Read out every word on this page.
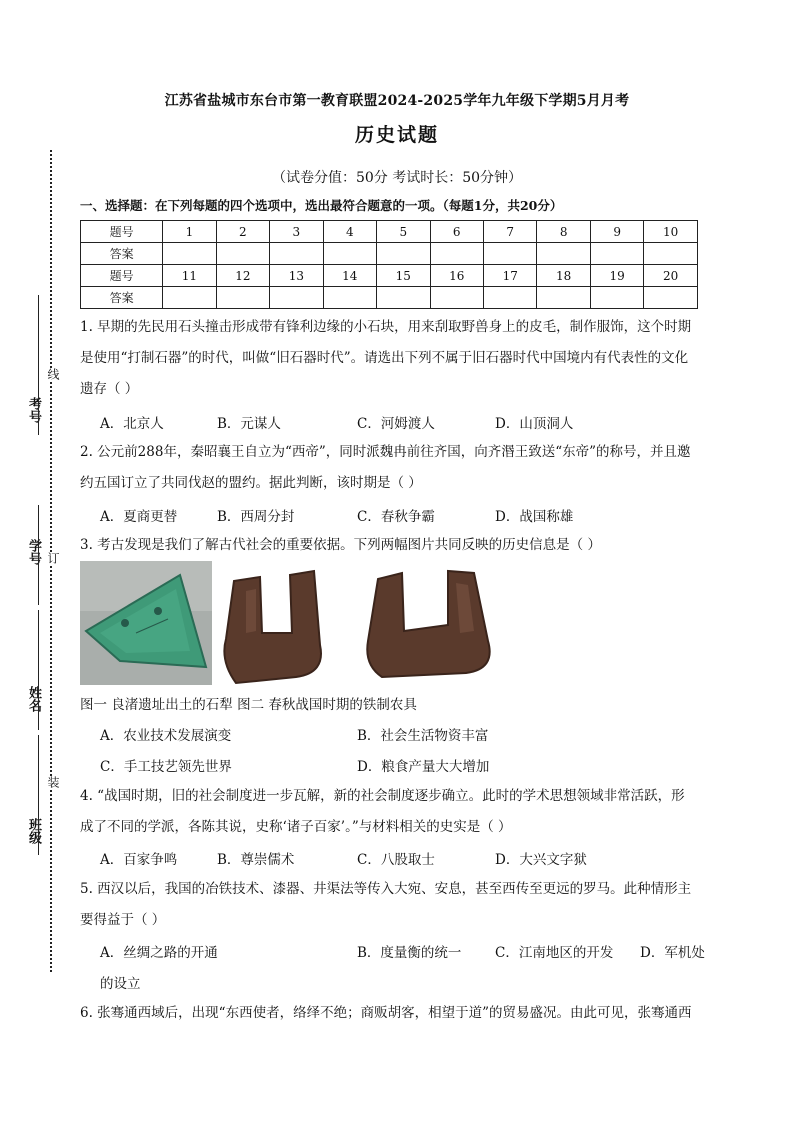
江苏省盐城市东台市第一教育联盟2024-2025学年九年级下学期5月月考
历史试题
（试卷分值：50分 考试时长：50分钟）
一、选择题：在下列每题的四个选项中，选出最符合题意的一项。（每题1分，共20分）
题号	1	2	3	4	5	6	7	8	9	10
答案										
题号	11	12	13	14	15	16	17	18	19	20
答案										
线
订
装
考号
学号
姓名
班级
1. 早期的先民用石头撞击形成带有锋利边缘的小石块，用来刮取野兽身上的皮毛，制作服饰，这个时期
是使用“打制石器”的时代，叫做“旧石器时代”。请选出下列不属于旧石器时代中国境内有代表性的文化
遗存（ ）
A．北京人	B．元谋人	C．河姆渡人	D．山顶洞人
2. 公元前288年，秦昭襄王自立为“西帝”，同时派魏冉前往齐国，向齐湣王致送“东帝”的称号，并且邀
约五国订立了共同伐赵的盟约。据此判断，该时期是（ ）
A．夏商更替	B．西周分封	C．春秋争霸	D．战国称雄
3. 考古发现是我们了解古代社会的重要依据。下列两幅图片共同反映的历史信息是（ ）
图一 良渚遗址出土的石犁 图二 春秋战国时期的铁制农具
A．农业技术发展演变	B．社会生活物资丰富
C．手工技艺领先世界	D．粮食产量大大增加
4. “战国时期，旧的社会制度进一步瓦解，新的社会制度逐步确立。此时的学术思想领域非常活跃，形
成了不同的学派，各陈其说，史称‘诸子百家’。”与材料相关的史实是（ ）
A．百家争鸣	B．尊崇儒术	C．八股取士	D．大兴文字狱
5. 西汉以后，我国的冶铁技术、漆器、井渠法等传入大宛、安息，甚至西传至更远的罗马。此种情形主
要得益于（ ）
A．丝绸之路的开通	B．度量衡的统一 C．江南地区的开发 D．军机处
的设立
6. 张骞通西域后，出现“东西使者，络绎不绝；商贩胡客，相望于道”的贸易盛况。由此可见，张骞通西
